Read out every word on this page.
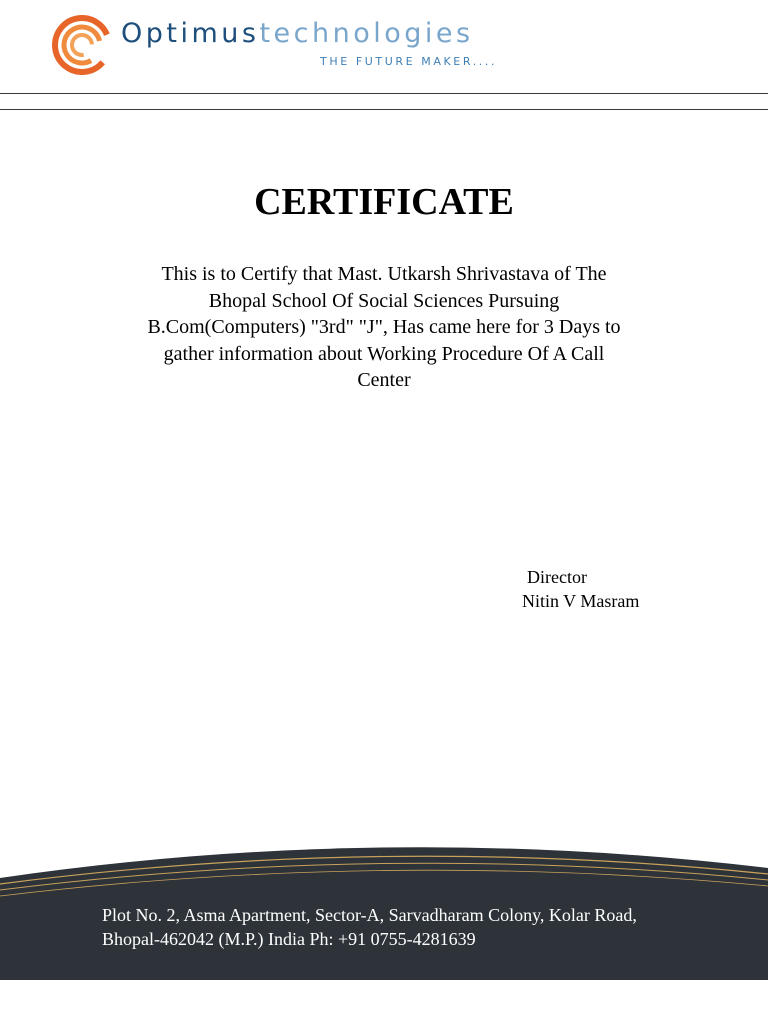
Optimustechnologies
THE FUTURE MAKER....
CERTIFICATE
This is to Certify that Mast. Utkarsh Shrivastava of The
Bhopal School Of Social Sciences Pursuing
B.Com(Computers) "3rd" "J", Has came here for 3 Days to
gather information about Working Procedure Of A Call
Center
Director
Nitin V Masram
Plot No. 2, Asma Apartment, Sector-A, Sarvadharam Colony, Kolar Road,
Bhopal-462042 (M.P.) India Ph: +91 0755-4281639
